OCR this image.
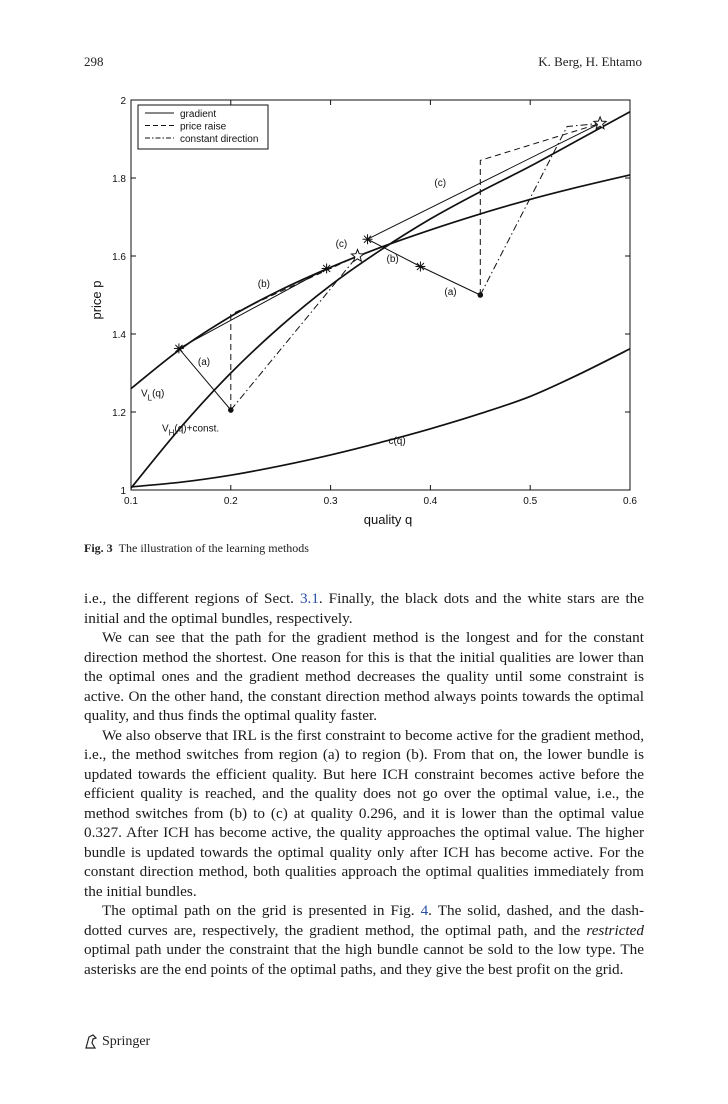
298	K. Berg, H. Ehtamo
0.1	0.2	0.3	0.4	0.5	0.6
1
1.2
1.4
1.6
1.8
2
quality q
price p
(a)
(b)
(c)
(b)
(a)
(c)
c(q)
$V_L(q)$
$V_H(q)+const$.
gradient
price raise
constant direction
Fig. 3 The illustration of the learning methods

i.e., the different regions of Sect. 3.1. Finally, the black dots and the white stars are the initial and the optimal bundles, respectively.

We can see that the path for the gradient method is the longest and for the constant direction method the shortest. One reason for this is that the initial qualities are lower than the optimal ones and the gradient method decreases the quality until some constraint is active. On the other hand, the constant direction method always points towards the optimal quality, and thus finds the optimal quality faster.

We also observe that IRL is the first constraint to become active for the gradient method, i.e., the method switches from region (a) to region (b). From that on, the lower bundle is updated towards the efficient quality. But here ICH constraint becomes active before the efficient quality is reached, and the quality does not go over the optimal value, i.e., the method switches from (b) to (c) at quality 0.296, and it is lower than the optimal value 0.327. After ICH has become active, the quality approaches the optimal value. The higher bundle is updated towards the optimal quality only after ICH has become active. For the constant direction method, both qualities approach the optimal qualities immediately from the initial bundles.

The optimal path on the grid is presented in Fig. 4. The solid, dashed, and the dash-dotted curves are, respectively, the gradient method, the optimal path, and the restricted optimal path under the constraint that the high bundle cannot be sold to the low type. The asterisks are the end points of the optimal paths, and they give the best profit on the grid.

Springer
